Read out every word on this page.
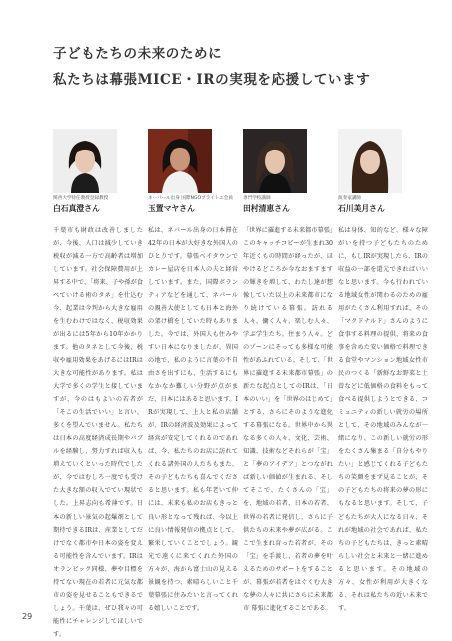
子どもたちの未来のために
私たちは幕張MICE・IRの実現を応援しています
関西大学特任教授登録教授
白石真澄さん
千葉市も財政は改善しましたが、今後、人口は減少していき税収が減る一方で高齢者は増加しています。社会保障費用が上昇する中で、「将来、子や孫が食べていける術のタネ」を仕込む今、起業は今判から大きな雇用を生むわけではなく、税収効果が出るには5年から10年かかります。他のタネとして今後、税収や雇用効果をあげるにはIRは大きな可能性があります。私は大学で多くの学生と接していますが、今のはもよいの若者が「そこの生活でいい」と言い、多くを望んでいません。私たちは日本の高度経済成長期やバブルを経験し、努力すれば収入も増えていくといった時代でしたが、今ではむしろ一度でも受けた大きな額の収入でてい現状でした。上昇志向も希薄です。日本の新しい景気の起爆剤として期待できるIRは、産業としてだけでなく都市や日本の姿を変える可能性を含んでいます。IRはオランピック同様、夢や目標を持てない現在の若者に元気な都市の姿を見せることもできるでしょう。千葉は、ぜひ我々の可能性にチャレンジしてほしいです。
ネーパール出身 国際NGOブライトエ会員
玉置マヤさん
私は、ネパール出身の日本滞在42年の日本が大好きな外国人のひとりです。幕張ベイタウンでカレー屋店を日本人の夫と経営しています。また、国際ボランティアなどを通して、ネパールの親善大使としても日本と海外の架け橋をしていた時もありました。今では、外国人も住みやすい日本になりましたが、異国の地で、私のように言葉の不自由さを出すにも、生活するにもなかなか難しい分野が点がまだ、日本にはあると思います。IRが実現して、上人と私の店舗が、IRの経済波及効果によって経営が安定してくれるのであれば、今、私たちのお店に訪れてくれる諸外国の人たちもまた、その子どもたちも喜んでくださると思います。私も年老いて仲には、未来も私のお店もきっと良い形となって残れば、今以上に良い情報発信の拠点として、繁栄していくことでしょう。観光で遠くに来てくれた外国の方々が、海から富士山の見える景観を持つ、素晴らしいこと千葉幕張に住みたいと言ってくれる嬉しいことです。
専門学校講師
田村清恵さん
「世界に羅進する未来都市幕張」このキャッチコピーが生まれ30年近くもの時間が経ったが、ほやけるどころか今なおますますの輝きを増して、わたし達が想像していた以上の未来都市になり続けている幕張。訪れる人々、働く人々、楽しむ人々、学ぶ学生たち。住まう人々。どのゾーンにそっても多様な可能性があふれている。そして、「世界に羅進する未来都市幕張」の新たな起点としてのIRは、「日本のいい」を「世界のはじめて」とする、さらにそのような進化する幕張になる。世界中から異なる多くの人々、文化、芸術、知識、技術などそれらが「宝」と「夢のアイデア」とつながれば新しい価値が生まれる、そしてそこで、たくさんの「宝」を、地域の若者、日本の若者、世界の若者に発信し、さらに子供たちの未来や夢が広がる。ここで生まれ育った若者が、その「宝」を手渡し、若者の夢を叶えるためのサポートをすることが、幕張が若者をはぐくむ大きな夢の人々に共にさらに未来都市 幕張に進化することである。
演奏家講師
石川美月さん
私は身体、知的など、様々な障がいを持つ子どもたちのために、もしIRが実現したら、IRの収益の一部を還元できればいいなと思います。今も行われている地域女性が関わるのための雇用がたくさん利用すれば、その「マクドナルド」さんのように食事する料理の提供、将来の食事を含めた安い価格で料理できる食堂やマンション地域女性市民のつくる「新鮮なお野菜と土曽などに低価格の食料をもって食べる提供しようとできる、コミュニティの新しい就労の場所として、その地域のみんなが一緒になり、この新しい就労の形をたくさん集まる「自分もやりたい」と感じてくれる子どもたちの笑顔をまず見ることが、その子どもたちの将来の夢の形にもなると思います。そして、子どもたちが大人になる日々、それが地域の社会であれば、私たちの子どもたちは、きっと素晴らしい社会と未来と一緒に進めると思います。その地域の方々、女性が利用が大きくなる、それは私たちの近い未来です。
29
